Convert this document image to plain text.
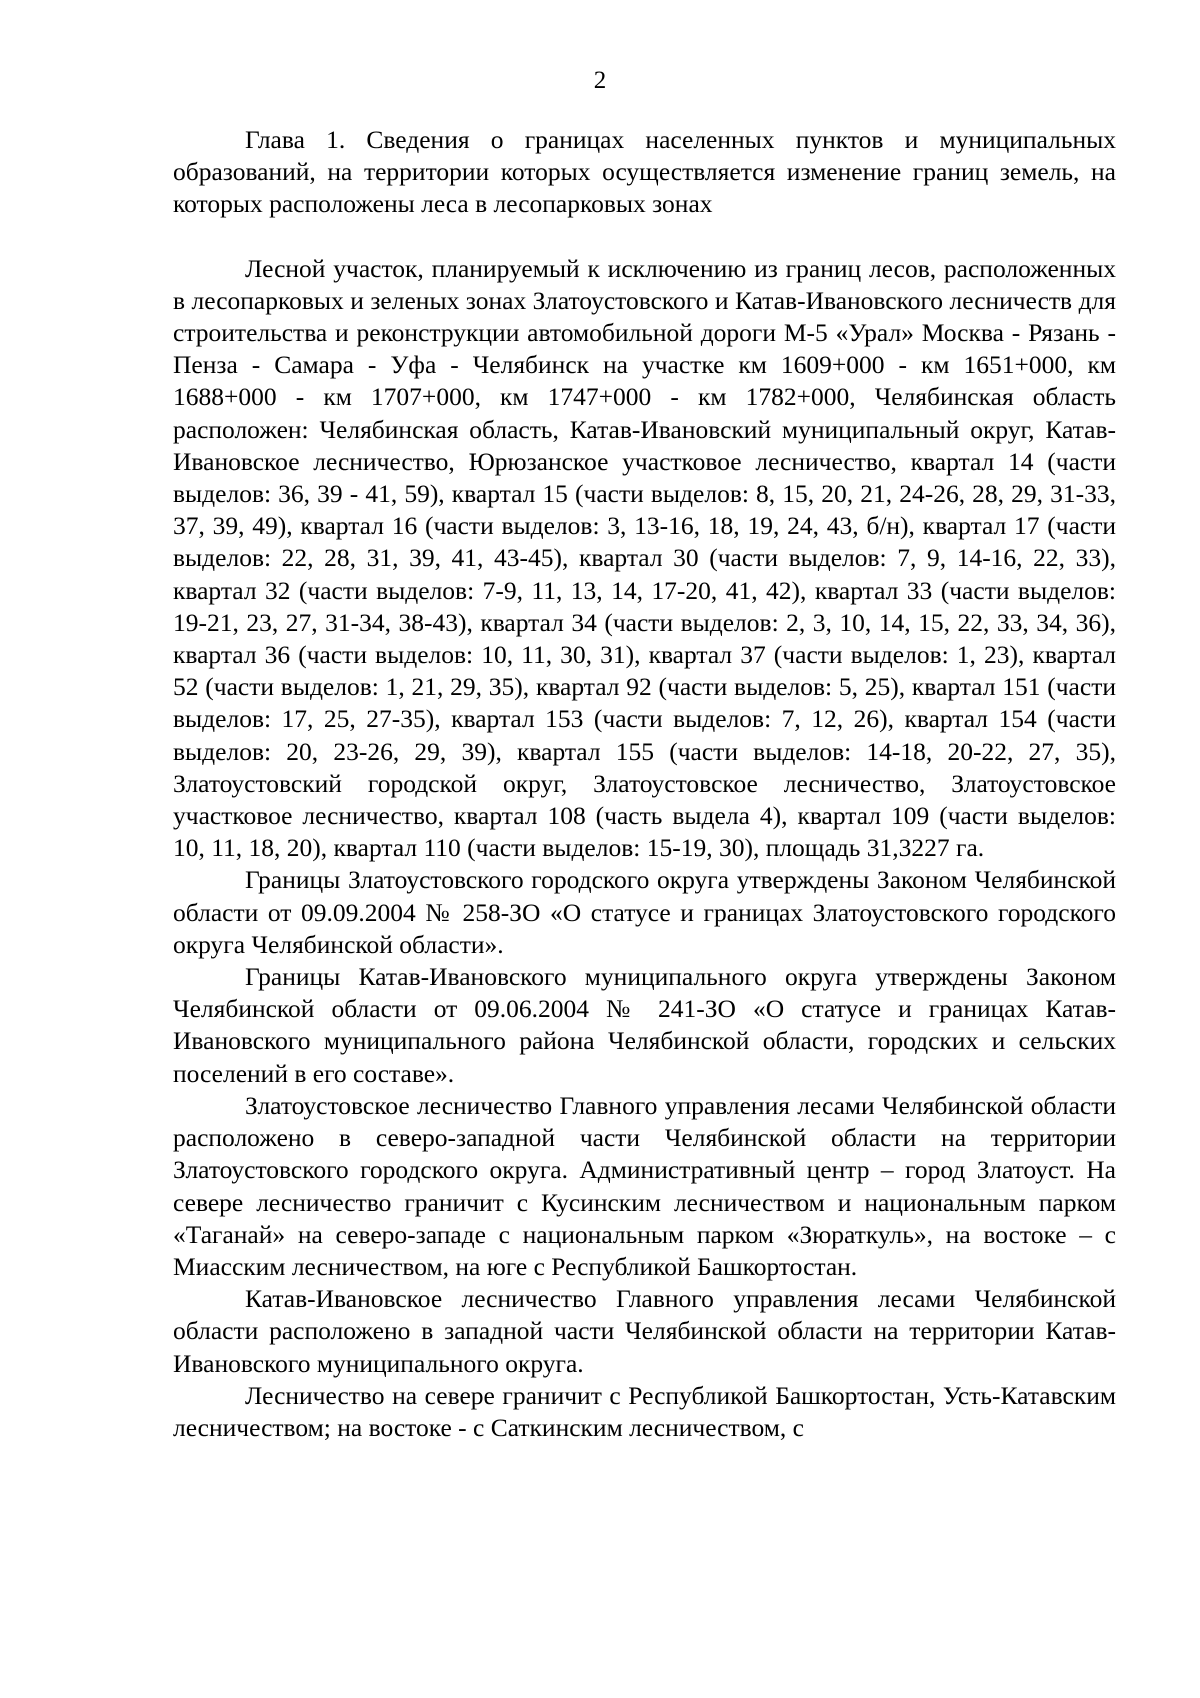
2

Глава 1. Сведения о границах населенных пунктов и муниципальных образований, на территории которых осуществляется изменение границ земель, на которых расположены леса в лесопарковых зонах

Лесной участок, планируемый к исключению из границ лесов, расположенных в лесопарковых и зеленых зонах Златоустовского и Катав-Ивановского лесничеств для строительства и реконструкции автомобильной дороги М-5 «Урал» Москва - Рязань - Пенза - Самара - Уфа - Челябинск на участке км 1609+000 - км 1651+000, км 1688+000 - км 1707+000, км 1747+000 - км 1782+000, Челябинская область расположен: Челябинская область, Катав-Ивановский муниципальный округ, Катав-Ивановское лесничество, Юрюзанское участковое лесничество, квартал 14 (части выделов: 36, 39 - 41, 59), квартал 15 (части выделов: 8, 15, 20, 21, 24-26, 28, 29, 31-33, 37, 39, 49), квартал 16 (части выделов: 3, 13-16, 18, 19, 24, 43, б/н), квартал 17 (части выделов: 22, 28, 31, 39, 41, 43-45), квартал 30 (части выделов: 7, 9, 14-16, 22, 33), квартал 32 (части выделов: 7-9, 11, 13, 14, 17-20, 41, 42), квартал 33 (части выделов: 19-21, 23, 27, 31-34, 38-43), квартал 34 (части выделов: 2, 3, 10, 14, 15, 22, 33, 34, 36), квартал 36 (части выделов: 10, 11, 30, 31), квартал 37 (части выделов: 1, 23), квартал 52 (части выделов: 1, 21, 29, 35), квартал 92 (части выделов: 5, 25), квартал 151 (части выделов: 17, 25, 27-35), квартал 153 (части выделов: 7, 12, 26), квартал 154 (части выделов: 20, 23-26, 29, 39), квартал 155 (части выделов: 14-18, 20-22, 27, 35), Златоустовский городской округ, Златоустовское лесничество, Златоустовское участковое лесничество, квартал 108 (часть выдела 4), квартал 109 (части выделов: 10, 11, 18, 20), квартал 110 (части выделов: 15-19, 30), площадь 31,3227 га.

Границы Златоустовского городского округа утверждены Законом Челябинской области от 09.09.2004 № 258-ЗО «О статусе и границах Златоустовского городского округа Челябинской области».

Границы Катав-Ивановского муниципального округа утверждены Законом Челябинской области от 09.06.2004 № 241-ЗО «О статусе и границах Катав-Ивановского муниципального района Челябинской области, городских и сельских поселений в его составе».

Златоустовское лесничество Главного управления лесами Челябинской области расположено в северо-западной части Челябинской области на территории Златоустовского городского округа. Административный центр – город Златоуст. На севере лесничество граничит с Кусинским лесничеством и национальным парком «Таганай» на северо-западе с национальным парком «Зюраткуль», на востоке – с Миасским лесничеством, на юге с Республикой Башкортостан.

Катав-Ивановское лесничество Главного управления лесами Челябинской области расположено в западной части Челябинской области на территории Катав-Ивановского муниципального округа.

Лесничество на севере граничит с Республикой Башкортостан, Усть-Катавским лесничеством; на востоке - с Саткинским лесничеством, с
